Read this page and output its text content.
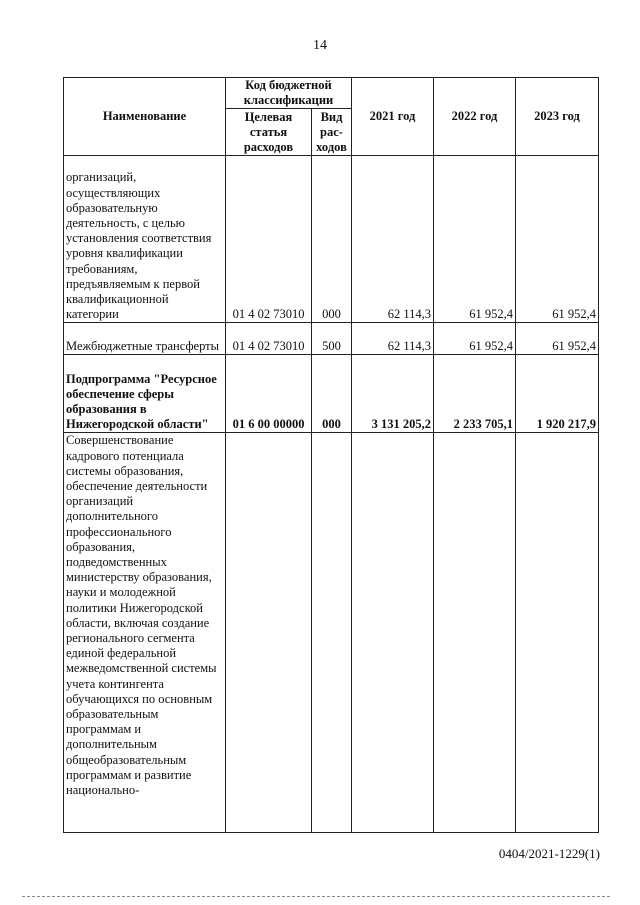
14
Наименование	Код бюджетной классификации		2021 год	2022 год	2023 год
	Целевая статья расходов	Вид рас-ходов			
организаций, осуществляющих образовательную деятельность, с целью установления соответствия уровня квалификации требованиям, предъявляемым к первой квалификационной категории	01 4 02 73010	000	62 114,3	61 952,4	61 952,4
Межбюджетные трансферты	01 4 02 73010	500	62 114,3	61 952,4	61 952,4
Подпрограмма "Ресурсное обеспечение сферы образования в Нижегородской области"	01 6 00 00000	000	3 131 205,2	2 233 705,1	1 920 217,9
Совершенствование кадрового потенциала системы образования, обеспечение деятельности организаций дополнительного профессионального образования, подведомственных министерству образования, науки и молодежной политики Нижегородской области, включая создание регионального сегмента единой федеральной межведомственной системы учета контингента обучающихся по основным образовательным программам и дополнительным общеобразовательным программам и развитие национально-					
0404/2021-1229(1)
